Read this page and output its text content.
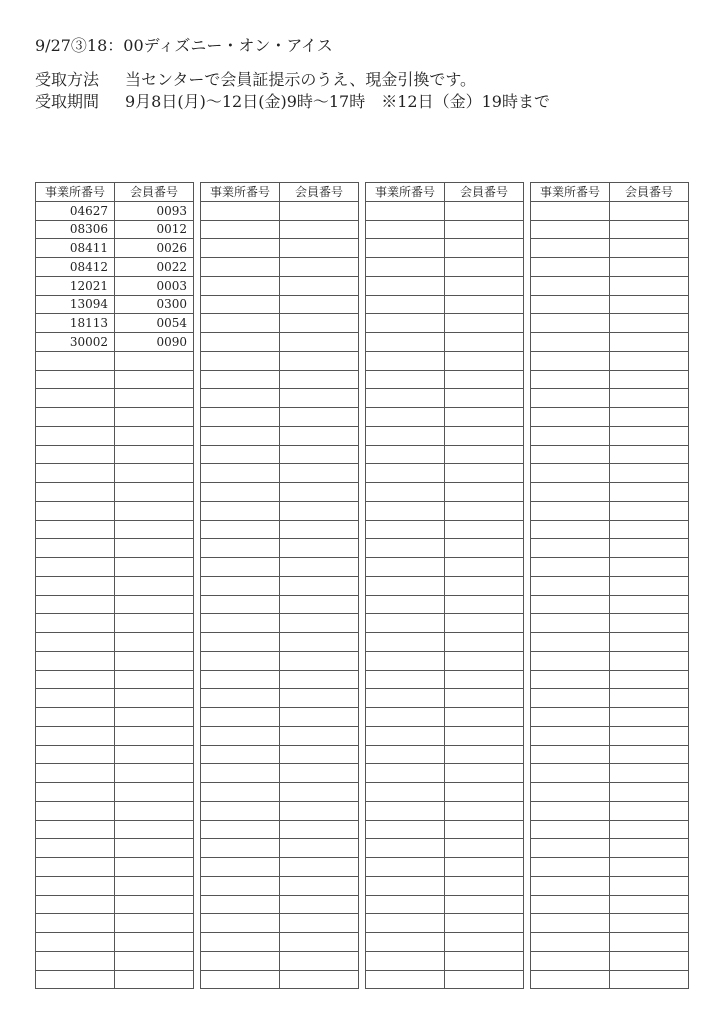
9/27③18：00ディズニー・オン・アイス
受取方法 当センターで会員証提示のうえ、現金引換です。
受取期間 9月8日(月)～12日(金)9時～17時　※12日（金）19時まで
事業所番号	会員番号
04627	0093
08306	0012
08411	0026
08412	0022
12021	0003
13094	0300
18113	0054
30002	0090

事業所番号	会員番号

		事業所番号	会員番号

		事業所番号	会員番号
